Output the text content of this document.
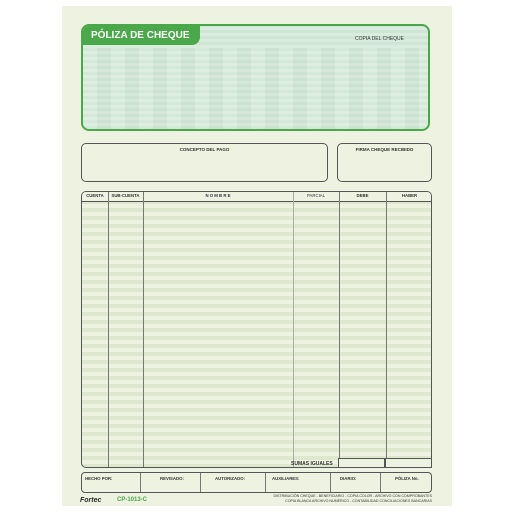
PÓLIZA DE CHEQUE	COPIA DEL CHEQUE
CONCEPTO DEL PAGO	FIRMA CHEQUE RECIBIDO
CUENTA	SUB-CUENTA	N O M B R E	PARCIAL	DEBE	HABER
SUMAS IGUALES
HECHO POR:	REVISADO:	AUTORIZADO:	AUXILIARES:	DIARIO:	PÓLIZA No.
Fortec	CP-1013-C
DISTRIBUCIÓN CHEQUE - BENEFICIARIO - COPIA COLOR - ARCHIVO CON COMPROBANTES
COPIA BLANCA ARCHIVO NUMÉRICO - CONTABILIDAD CONCILIACIONES BANCARIAS
